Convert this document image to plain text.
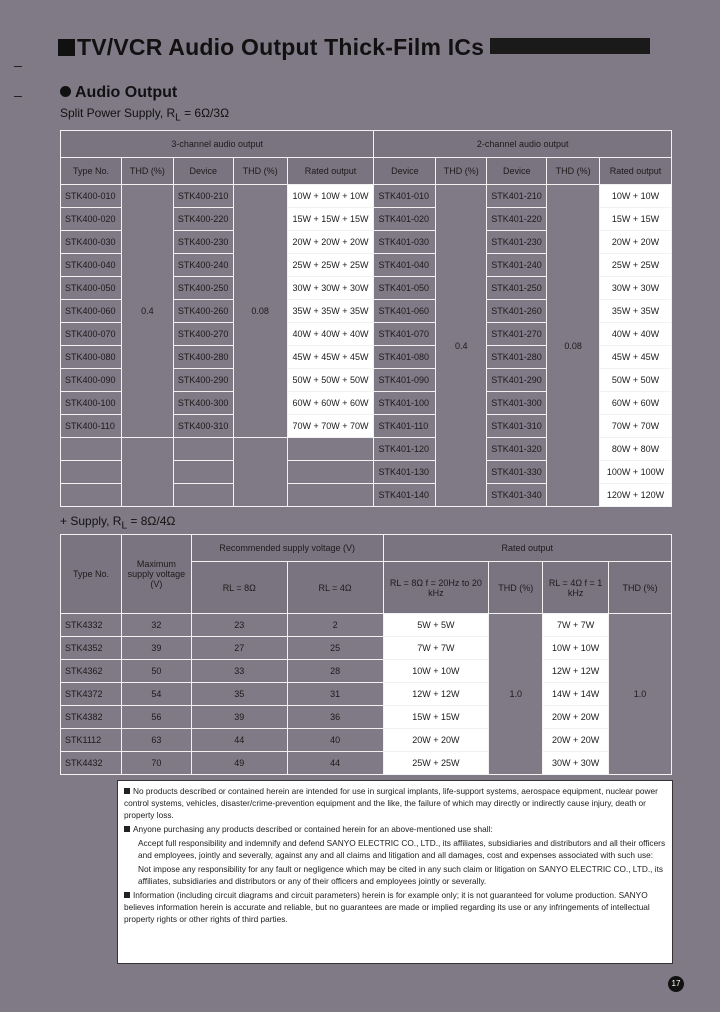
TV/VCR Audio Output Thick-Film ICs
Audio Output
Split Power Supply, $R_L = 6\Omega/3\Omega$
3-channel audio output					2-channel audio output				
Type No.	THD (%)	Device	THD (%)	Rated output	Device	THD (%)	Device	THD (%)	Rated output
STK400-010	0.4	STK400-210	0.08	10W + 10W + 10W	STK401-010	0.4	STK401-210	0.08	10W + 10W
STK400-020		STK400-220		15W + 15W + 15W	STK401-020		STK401-220		15W + 15W
STK400-030		STK400-230		20W + 20W + 20W	STK401-030		STK401-230		20W + 20W
STK400-040		STK400-240		25W + 25W + 25W	STK401-040		STK401-240		25W + 25W
STK400-050		STK400-250		30W + 30W + 30W	STK401-050		STK401-250		30W + 30W
STK400-060		STK400-260		35W + 35W + 35W	STK401-060		STK401-260		35W + 35W
STK400-070		STK400-270		40W + 40W + 40W	STK401-070		STK401-270		40W + 40W
STK400-080		STK400-280		45W + 45W + 45W	STK401-080		STK401-280		45W + 45W
STK400-090		STK400-290		50W + 50W + 50W	STK401-090		STK401-290		50W + 50W
STK400-100		STK400-300		60W + 60W + 60W	STK401-100		STK401-300		60W + 60W
STK400-110		STK400-310		70W + 70W + 70W	STK401-110		STK401-310		70W + 70W
					STK401-120		STK401-320		80W + 80W
					STK401-130		STK401-330		100W + 100W
					STK401-140		STK401-340		120W + 120W
+ Supply, $R_L = 8\Omega/4\Omega$
Type No.	Maximum supply voltage (V)	Recommended supply voltage (V)		Rated output			
		RL = 8Ω	RL = 4Ω	RL = 8Ω f = 20Hz to 20 kHz	THD (%)	RL = 4Ω f = 1 kHz	THD (%)

STK4332	32	23	2	5W + 5W	1.0	7W + 7W	1.0
STK4352	39	27	25	7W + 7W		10W + 10W	
STK4362	50	33	28	10W + 10W		12W + 12W	
STK4372	54	35	31	12W + 12W		14W + 14W	
STK4382	56	39	36	15W + 15W		20W + 20W	
STK1112	63	44	40	20W + 20W		20W + 20W	
STK4432	70	49	44	25W + 25W		30W + 30W	

No products described or contained herein are intended for use in surgical implants, life-support systems, aerospace equipment, nuclear power control systems, vehicles, disaster/crime-prevention equipment and the like, the failure of which may directly or indirectly cause injury, death or property loss.

Anyone purchasing any products described or contained herein for an above-mentioned use shall:

Accept full responsibility and indemnify and defend SANYO ELECTRIC CO., LTD., its affiliates, subsidiaries and distributors and all their officers and employees, jointly and severally, against any and all claims and litigation and all damages, cost and expenses associated with such use:

Not impose any responsibility for any fault or negligence which may be cited in any such claim or litigation on SANYO ELECTRIC CO., LTD., its affiliates, subsidiaries and distributors or any of their officers and employees jointly or severally.

Information (including circuit diagrams and circuit parameters) herein is for example only; it is not guaranteed for volume production. SANYO believes information herein is accurate and reliable, but no guarantees are made or implied regarding its use or any infringements of intellectual property rights or other rights of third parties.

17
